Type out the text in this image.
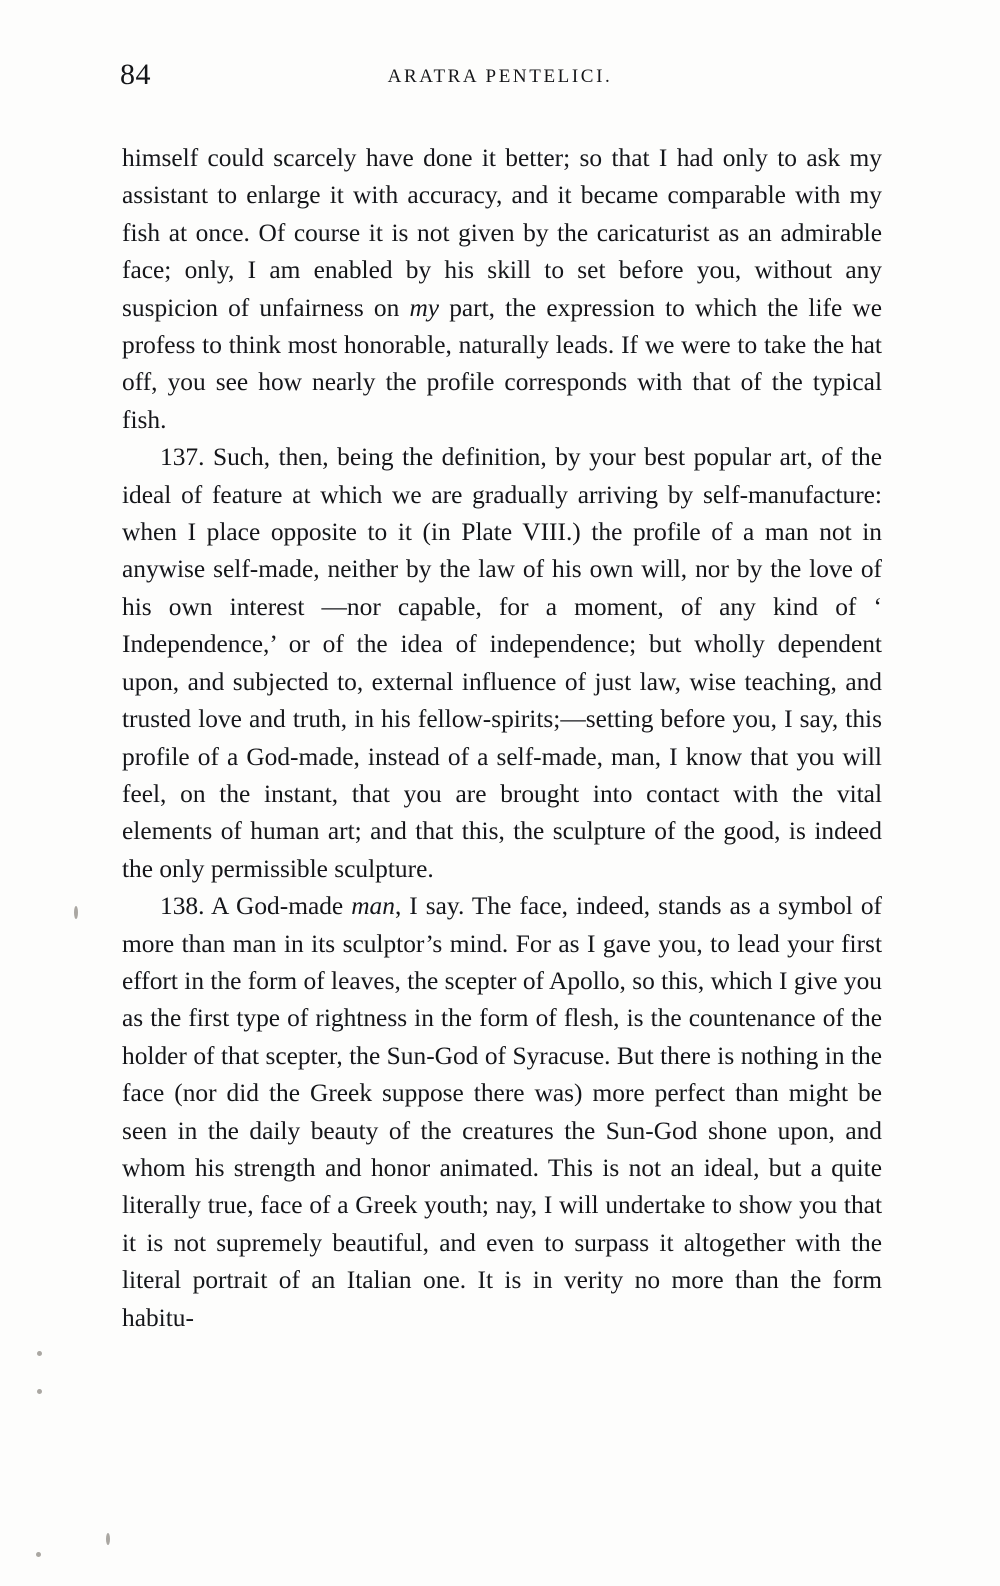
84	ARATRA PENTELICI.

himself could scarcely have done it better; so that I had only to ask my assistant to enlarge it with accuracy, and it became comparable with my fish at once. Of course it is not given by the caricaturist as an admirable face; only, I am enabled by his skill to set before you, without any suspicion of unfairness on my part, the expression to which the life we profess to think most honorable, naturally leads. If we were to take the hat off, you see how nearly the profile corresponds with that of the typical fish.

137. Such, then, being the definition, by your best popular art, of the ideal of feature at which we are gradually arriving by self-manufacture: when I place opposite to it (in Plate VIII.) the profile of a man not in anywise self-made, neither by the law of his own will, nor by the love of his own interest —nor capable, for a moment, of any kind of ‘ Independence,’ or of the idea of independence; but wholly dependent upon, and subjected to, external influence of just law, wise teaching, and trusted love and truth, in his fellow-spirits;—setting before you, I say, this profile of a God-made, instead of a self-made, man, I know that you will feel, on the instant, that you are brought into contact with the vital elements of human art; and that this, the sculpture of the good, is indeed the only permissible sculpture.

138. A God-made man, I say. The face, indeed, stands as a symbol of more than man in its sculptor’s mind. For as I gave you, to lead your first effort in the form of leaves, the scepter of Apollo, so this, which I give you as the first type of rightness in the form of flesh, is the countenance of the holder of that scepter, the Sun-God of Syracuse. But there is nothing in the face (nor did the Greek suppose there was) more perfect than might be seen in the daily beauty of the creatures the Sun-God shone upon, and whom his strength and honor animated. This is not an ideal, but a quite literally true, face of a Greek youth; nay, I will undertake to show you that it is not supremely beautiful, and even to surpass it altogether with the literal portrait of an Italian one. It is in verity no more than the form habitu-
